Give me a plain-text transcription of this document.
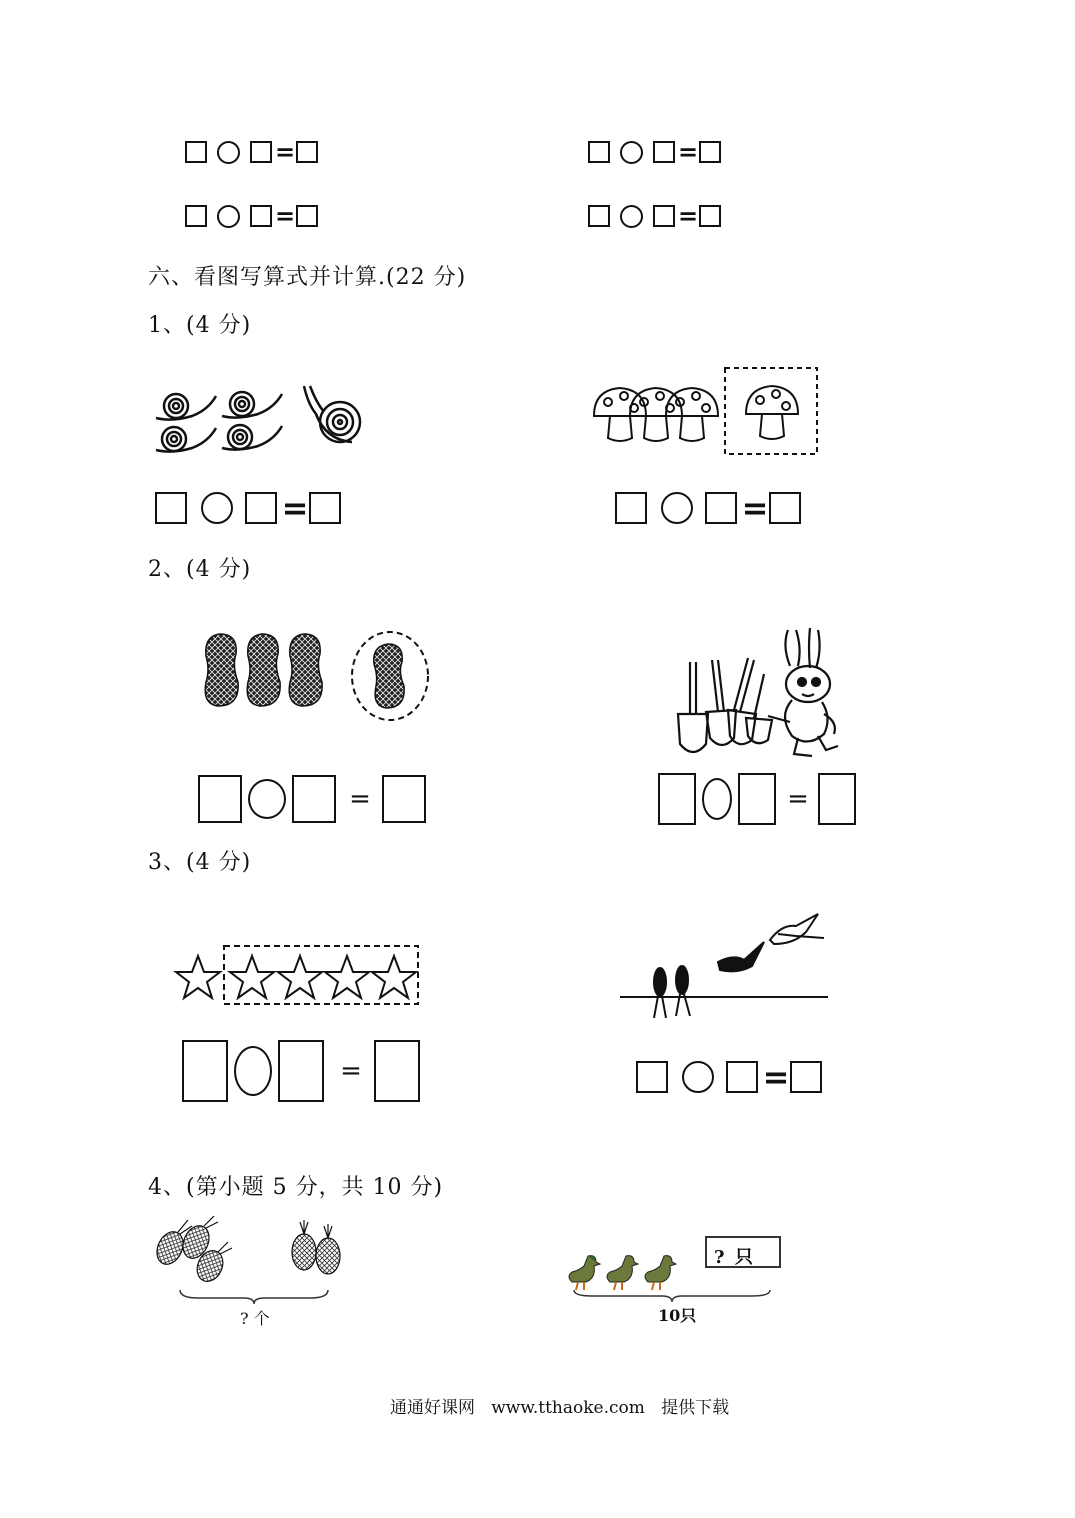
=	=
=	=
六、看图写算式并计算.(22 分)
1、(4 分)
=	=
2、(4 分)
=	=
3、(4 分)
=	=
4、(第小题 5 分，共 10 分)
? 个
? 只
10只
通通好课网   www.tthaoke.com   提供下载
